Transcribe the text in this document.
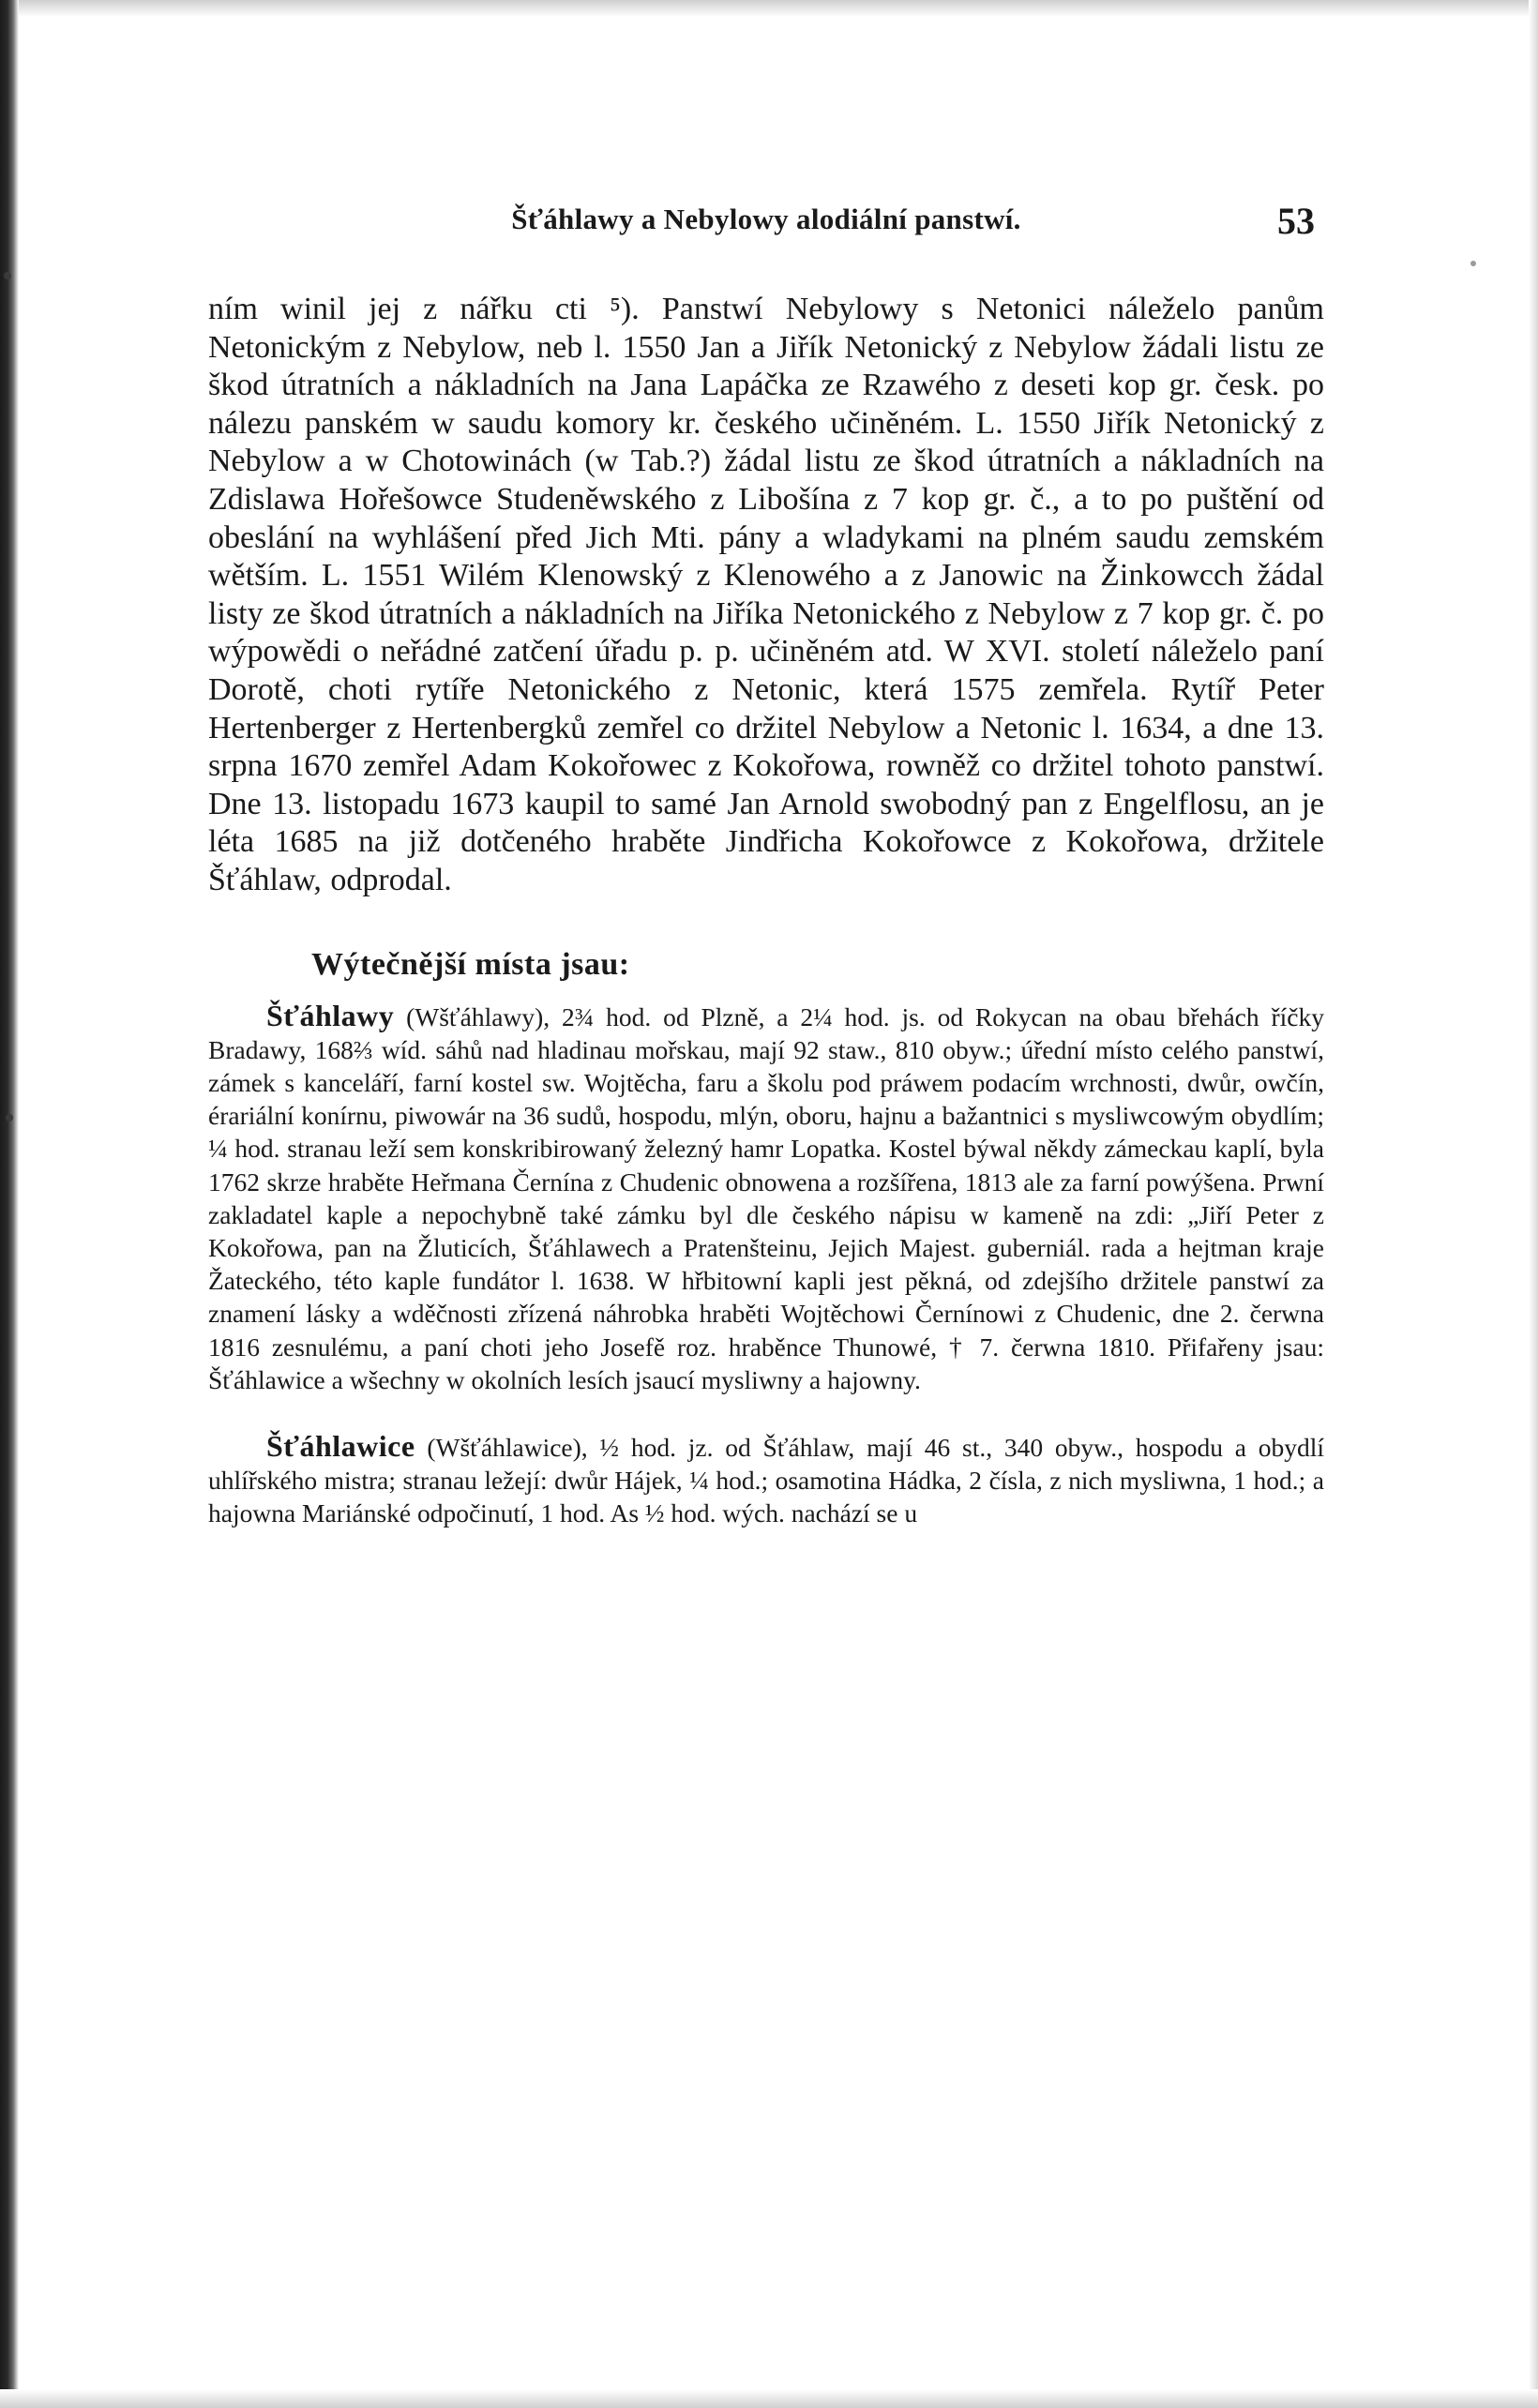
Šťáhlawy a Nebylowy alodiální panstwí.	53

ním winil jej z nářku cti ⁵). Panstwí Nebylowy s Netonici náleželo panům Netonickým z Nebylow, neb l. 1550 Jan a Jiřík Netonický z Nebylow žádali listu ze škod útratních a nákladních na Jana Lapáčka ze Rzawého z deseti kop gr. česk. po nálezu panském w saudu komory kr. českého učiněném. L. 1550 Jiřík Netonický z Nebylow a w Chotowinách (w Tab.?) žádal listu ze škod útratních a nákladních na Zdislawa Hořešowce Studeněwského z Libošína z 7 kop gr. č., a to po puštění od obeslání na wyhlášení před Jich Mti. pány a wladykami na plném saudu zemském wětším. L. 1551 Wilém Klenowský z Klenowého a z Janowic na Žinkowcch žádal listy ze škod útratních a nákladních na Jiříka Netonického z Nebylow z 7 kop gr. č. po wýpowědi o neřádné zatčení úřadu p. p. učiněném atd. W XVI. století náleželo paní Dorotě, choti rytíře Netonického z Netonic, která 1575 zemřela. Rytíř Peter Hertenberger z Hertenbergků zemřel co držitel Nebylow a Netonic l. 1634, a dne 13. srpna 1670 zemřel Adam Kokořowec z Kokořowa, rowněž co držitel tohoto panstwí. Dne 13. listopadu 1673 kaupil to samé Jan Arnold swobodný pan z Engelflosu, an je léta 1685 na již dotčeného hraběte Jindřicha Kokořowce z Kokořowa, držitele Šťáhlaw, odprodal.

Wýtečnější místa jsau:

Šťáhlawy (Wšťáhlawy), 2¾ hod. od Plzně, a 2¼ hod. js. od Rokycan na obau břehách říčky Bradawy, 168⅔ wíd. sáhů nad hladinau mořskau, mají 92 staw., 810 obyw.; úřední místo celého panstwí, zámek s kanceláří, farní kostel sw. Wojtěcha, faru a školu pod práwem podacím wrchnosti, dwůr, owčín, érariální konírnu, piwowár na 36 sudů, hospodu, mlýn, oboru, hajnu a bažantnici s mysliwcowým obydlím; ¼ hod. stranau leží sem konskribirowaný železný hamr Lopatka. Kostel býwal někdy zámeckau kaplí, byla 1762 skrze hraběte Heřmana Černína z Chudenic obnowena a rozšířena, 1813 ale za farní powýšena. Prwní zakladatel kaple a nepochybně také zámku byl dle českého nápisu w kameně na zdi: „Jiří Peter z Kokořowa, pan na Žluticích, Šťáhlawech a Pratenšteinu, Jejich Majest. guberniál. rada a hejtman kraje Žateckého, této kaple fundátor l. 1638. W hřbitowní kapli jest pěkná, od zdejšího držitele panstwí za znamení lásky a wděčnosti zřízená náhrobka hraběti Wojtěchowi Černínowi z Chudenic, dne 2. čerwna 1816 zesnulému, a paní choti jeho Josefě roz. hraběnce Thunowé, † 7. čerwna 1810. Přifařeny jsau: Šťáhlawice a wšechny w okolních lesích jsaucí mysliwny a hajowny.

Šťáhlawice (Wšťáhlawice), ½ hod. jz. od Šťáhlaw, mají 46 st., 340 obyw., hospodu a obydlí uhlířského mistra; stranau ležejí: dwůr Hájek, ¼ hod.; osamotina Hádka, 2 čísla, z nich mysliwna, 1 hod.; a hajowna Mariánské odpočinutí, 1 hod. As ½ hod. wých. nachází se u
